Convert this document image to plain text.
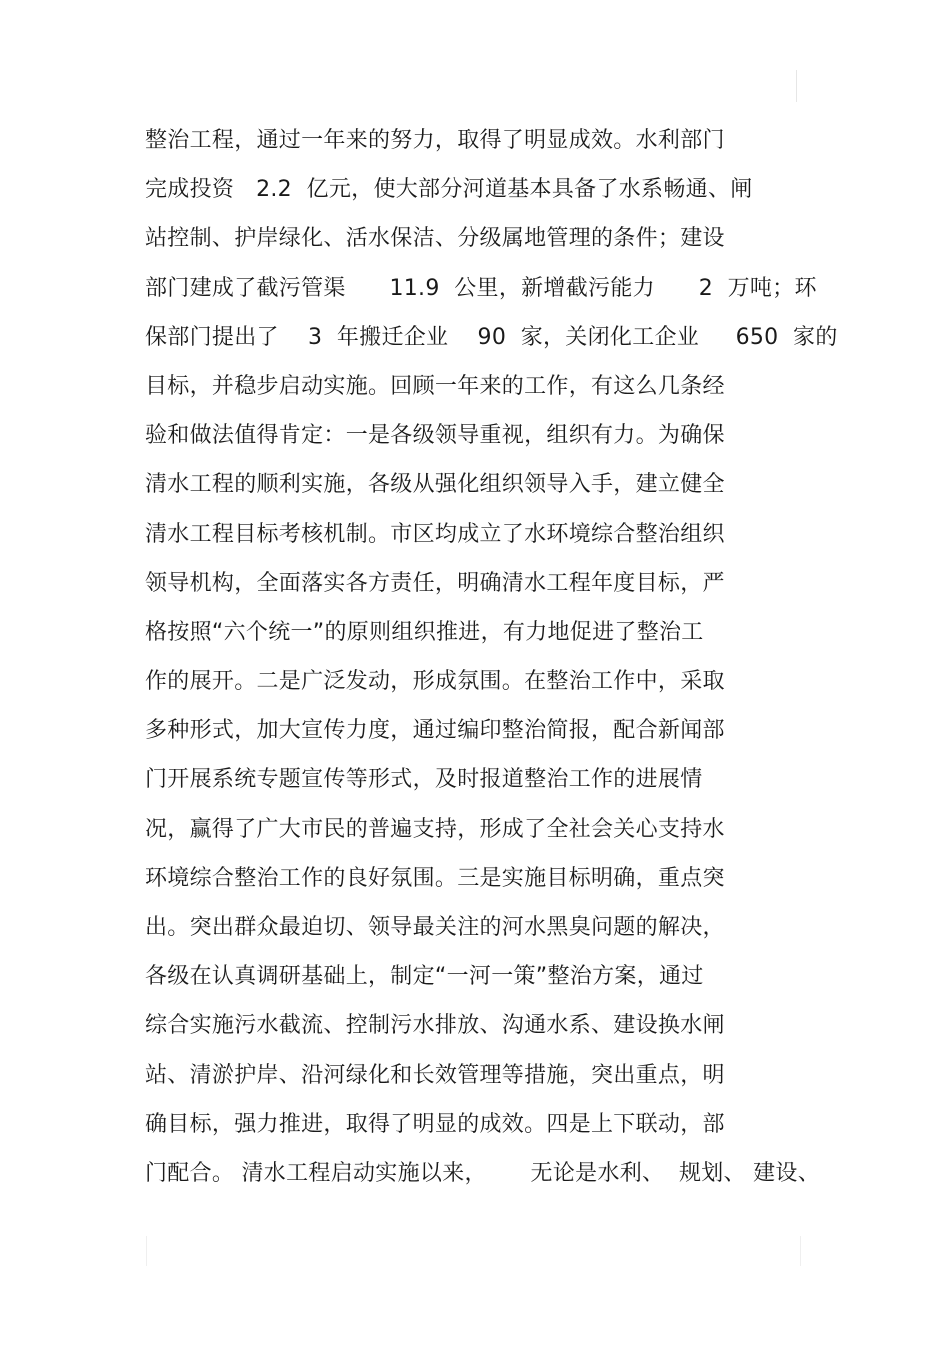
整治工程，通过一年来的努力，取得了明显成效。水利部门
完成投资   2.2  亿元，使大部分河道基本具备了水系畅通、闸
站控制、护岸绿化、活水保洁、分级属地管理的条件；建设
部门建成了截污管渠      11.9  公里，新增截污能力      2  万吨；环
保部门提出了    3  年搬迁企业    90  家，关闭化工企业     650  家的
目标，并稳步启动实施。回顾一年来的工作，有这么几条经
验和做法值得肯定：一是各级领导重视，组织有力。为确保
清水工程的顺利实施，各级从强化组织领导入手，建立健全
清水工程目标考核机制。市区均成立了水环境综合整治组织
领导机构，全面落实各方责任，明确清水工程年度目标，严
格按照“六个统一”的原则组织推进，有力地促进了整治工
作的展开。二是广泛发动，形成氛围。在整治工作中，采取
多种形式，加大宣传力度，通过编印整治简报，配合新闻部
门开展系统专题宣传等形式，及时报道整治工作的进展情
况，赢得了广大市民的普遍支持，形成了全社会关心支持水
环境综合整治工作的良好氛围。三是实施目标明确，重点突
出。突出群众最迫切、领导最关注的河水黑臭问题的解决，
各级在认真调研基础上，制定“一河一策”整治方案，通过
综合实施污水截流、控制污水排放、沟通水系、建设换水闸
站、清淤护岸、沿河绿化和长效管理等措施，突出重点，明
确目标，强力推进，取得了明显的成效。四是上下联动，部
门配合。 清水工程启动实施以来，      无论是水利、  规划、 建设、
